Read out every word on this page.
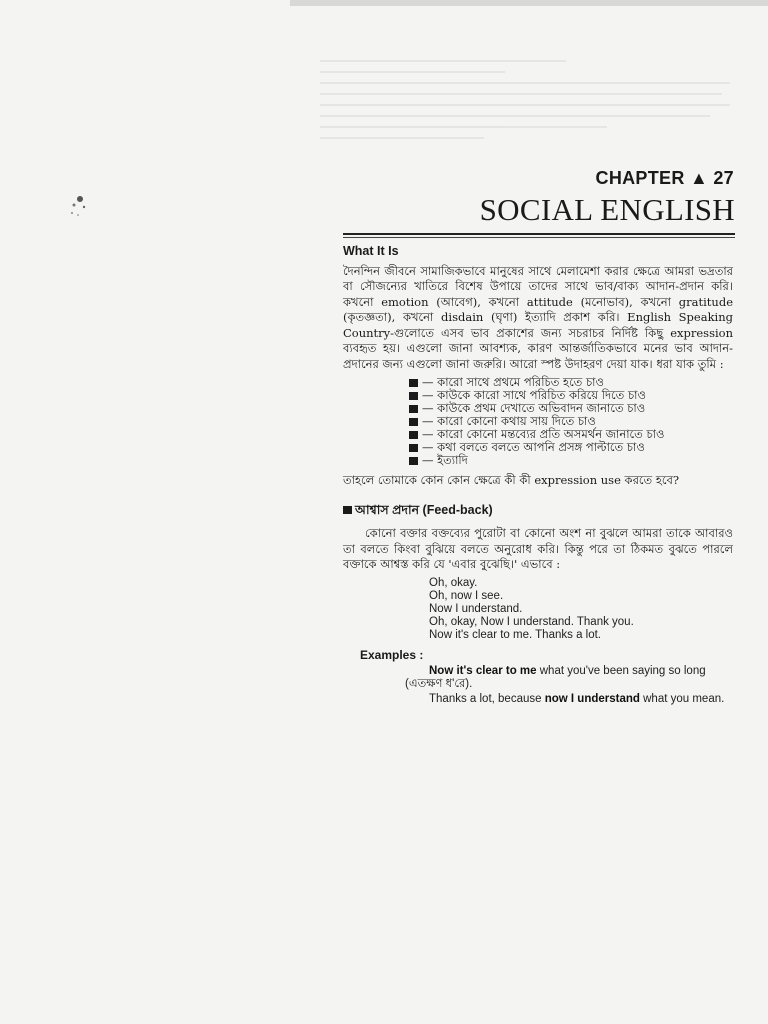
CHAPTER ▲ 27
SOCIAL ENGLISH
What It Is

দৈনন্দিন জীবনে সামাজিকভাবে মানুষের সাথে মেলামেশা করার ক্ষেত্রে আমরা ভদ্রতার বা সৌজন্যের খাতিরে বিশেষ উপায়ে তাদের সাথে ভাব/বাক্য আদান-প্রদান করি। কখনো emotion (আবেগ), কখনো attitude (মনোভাব), কখনো gratitude (কৃতজ্ঞতা), কখনো disdain (ঘৃণা) ইত্যাদি প্রকাশ করি। English Speaking Country-গুলোতে এসব ভাব প্রকাশের জন্য সচরাচর নির্দিষ্ট কিছু expression ব্যবহৃত হয়। এগুলো জানা আবশ্যক, কারণ আন্তর্জাতিকভাবে মনের ভাব আদান-প্রদানের জন্য এগুলো জানা জরুরি। আরো স্পষ্ট উদাহরণ দেয়া যাক। ধরা যাক তুমি :

— কারো সাথে প্রথমে পরিচিত হতে চাও
— কাউকে কারো সাথে পরিচিত করিয়ে দিতে চাও
— কাউকে প্রথম দেখাতে অভিবাদন জানাতে চাও
— কারো কোনো কথায় সায় দিতে চাও
— কারো কোনো মন্তব্যের প্রতি অসমর্থন জানাতে চাও
— কথা বলতে বলতে আপনি প্রসঙ্গ পাল্টাতে চাও
— ইত্যাদি

তাহলে তোমাকে কোন কোন ক্ষেত্রে কী কী expression use করতে হবে?

আশ্বাস প্রদান (Feed-back)

কোনো বক্তার বক্তব্যের পুরোটা বা কোনো অংশ না বুঝলে আমরা তাকে আবারও তা বলতে কিংবা বুঝিয়ে বলতে অনুরোধ করি। কিন্তু পরে তা ঠিকমত বুঝতে পারলে বক্তাকে আশ্বস্ত করি যে 'এবার বুঝেছি।' এভাবে :

Oh, okay.
Oh, now I see.
Now I understand.
Oh, okay, Now I understand. Thank you.
Now it's clear to me. Thanks a lot.
Examples :
Now it's clear to me what you've been saying so long (এতক্ষণ ধ'রে).
Thanks a lot, because now I understand what you mean.
